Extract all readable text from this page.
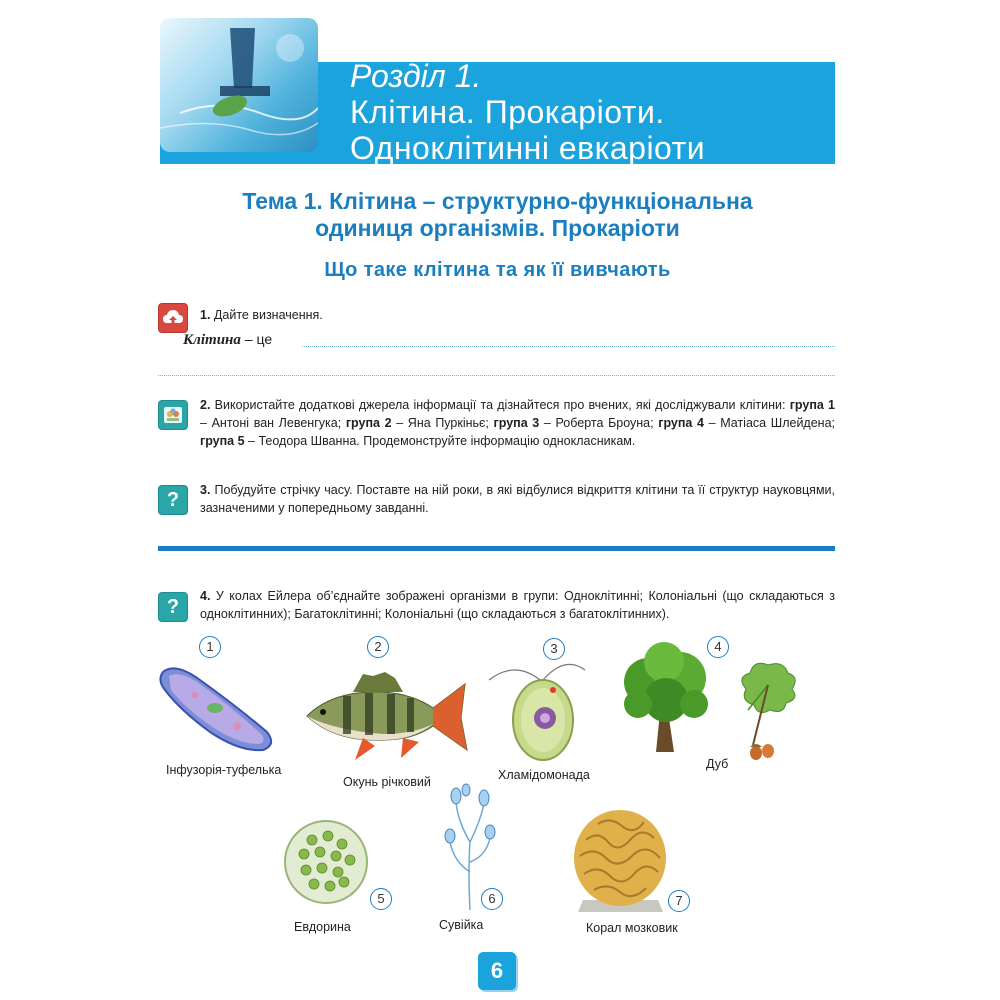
Розділ 1.
Клітина. Прокаріоти.
Одноклітинні евкаріоти
Тема 1. Клітина – структурно-функціональна
одиниця організмів. Прокаріоти
Що таке клітина та як її вивчають
1. Дайте визначення.
Клітина – це
2. Використайте додаткові джерела інформації та дізнайтеся про вчених, які досліджували клітини: група 1 – Антоні ван Левенгука; група 2 – Яна Пуркіньє; група 3 – Роберта Броуна; група 4 – Матіаса Шлейдена; група 5 – Теодора Шванна. Продемонструйте інформацію однокласникам.
?	3. Побудуйте стрічку часу. Поставте на ній роки, в які відбулися відкриття клітини та її структур науковцями, зазначеними у попередньому завданні.
?	4. У колах Ейлера об’єднайте зображені організми в групи: Одноклітинні; Колоніальні (що складаються з одноклітинних); Багатоклітинні; Колоніальні (що складаються з багатоклітинних).
1
Інфузорія-туфелька
2
Окунь річковий
3
Хламідомонада
4
Дуб
5
Евдорина
6
Сувійка
7
Корал мозковик
6
